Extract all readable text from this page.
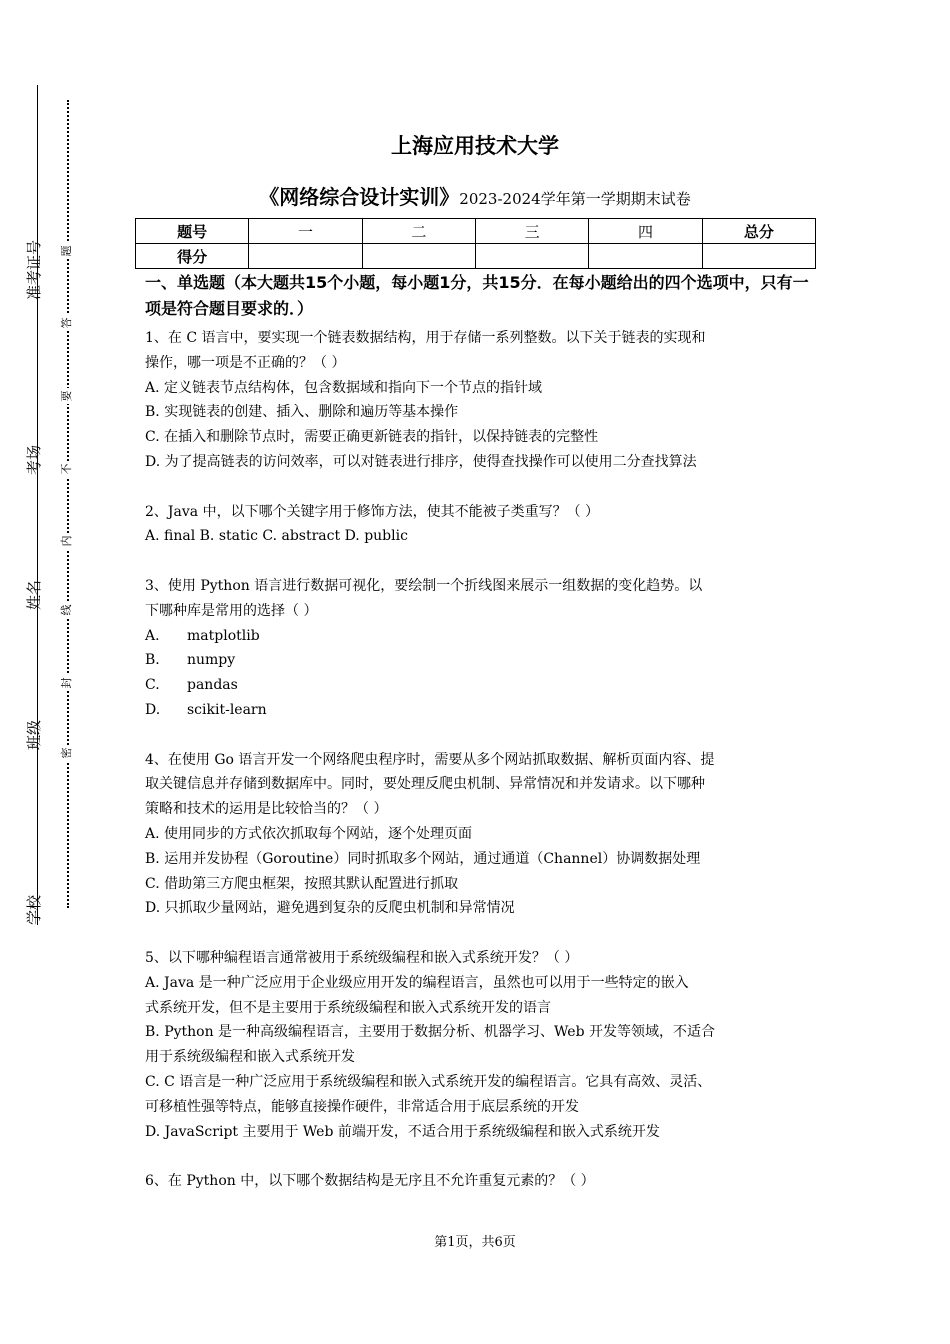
准考证号
考场
姓名
班级
学校
题
答
要
不
内
线
封
密
上海应用技术大学
《网络综合设计实训》2023-2024学年第一学期期末试卷
题号	一	二	三	四	总分
得分					
一、单选题（本大题共15个小题，每小题1分，共15分．在每小题给出的四个选项中，只有一项是符合题目要求的．）
1、在 C 语言中，要实现一个链表数据结构，用于存储一系列整数。以下关于链表的实现和
操作，哪一项是不正确的？（ ）
A. 定义链表节点结构体，包含数据域和指向下一个节点的指针域
B. 实现链表的创建、插入、删除和遍历等基本操作
C. 在插入和删除节点时，需要正确更新链表的指针，以保持链表的完整性
D. 为了提高链表的访问效率，可以对链表进行排序，使得查找操作可以使用二分查找算法
2、Java 中，以下哪个关键字用于修饰方法，使其不能被子类重写？（ ）
A. final B. static C. abstract D. public
3、使用 Python 语言进行数据可视化，要绘制一个折线图来展示一组数据的变化趋势。以
下哪种库是常用的选择（ ）
A. matplotlib
B. numpy
C. pandas
D. scikit-learn
4、在使用 Go 语言开发一个网络爬虫程序时，需要从多个网站抓取数据、解析页面内容、提
取关键信息并存储到数据库中。同时，要处理反爬虫机制、异常情况和并发请求。以下哪种
策略和技术的运用是比较恰当的？（ ）
A. 使用同步的方式依次抓取每个网站，逐个处理页面
B. 运用并发协程（Goroutine）同时抓取多个网站，通过通道（Channel）协调数据处理
C. 借助第三方爬虫框架，按照其默认配置进行抓取
D. 只抓取少量网站，避免遇到复杂的反爬虫机制和异常情况
5、以下哪种编程语言通常被用于系统级编程和嵌入式系统开发？（ ）
A. Java 是一种广泛应用于企业级应用开发的编程语言，虽然也可以用于一些特定的嵌入
式系统开发，但不是主要用于系统级编程和嵌入式系统开发的语言
B. Python 是一种高级编程语言，主要用于数据分析、机器学习、Web 开发等领域，不适合
用于系统级编程和嵌入式系统开发
C. C 语言是一种广泛应用于系统级编程和嵌入式系统开发的编程语言。它具有高效、灵活、
可移植性强等特点，能够直接操作硬件，非常适合用于底层系统的开发
D. JavaScript 主要用于 Web 前端开发，不适合用于系统级编程和嵌入式系统开发
6、在 Python 中，以下哪个数据结构是无序且不允许重复元素的？（ ）
第1页，共6页
